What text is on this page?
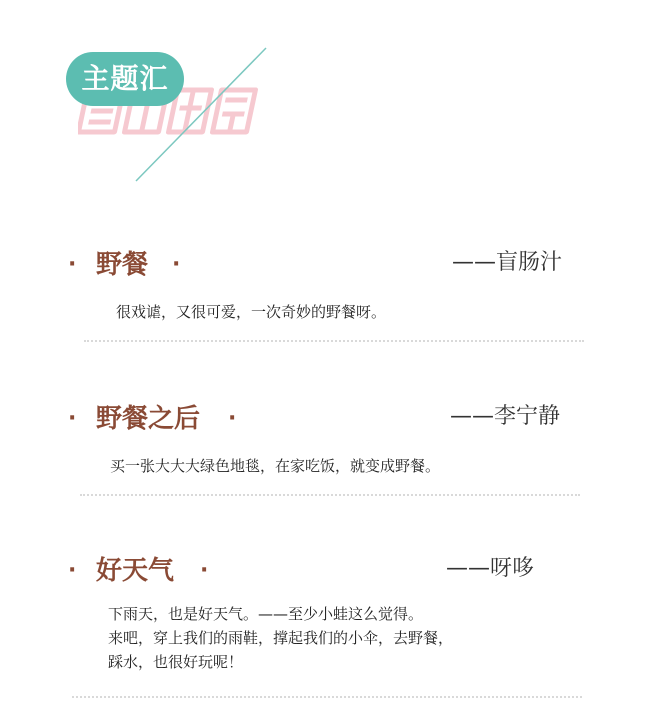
主题汇
· 野餐 ·	——盲肠汁
很戏谑，又很可爱，一次奇妙的野餐呀。
· 野餐之后 ·	——李宁静
买一张大大大绿色地毯，在家吃饭，就变成野餐。
· 好天气 ·	——呀哆
下雨天，也是好天气。——至少小蛙这么觉得。
来吧，穿上我们的雨鞋，撑起我们的小伞，去野餐，
踩水，也很好玩呢！
